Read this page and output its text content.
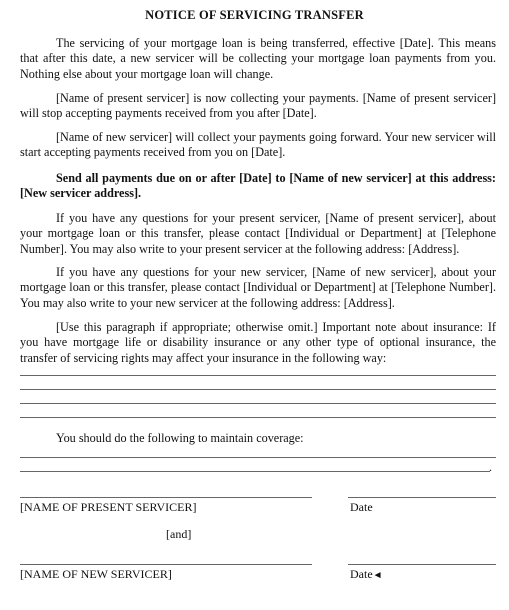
NOTICE OF SERVICING TRANSFER
The servicing of your mortgage loan is being transferred, effective [Date]. This means that after this date, a new servicer will be collecting your mortgage loan payments from you. Nothing else about your mortgage loan will change.
[Name of present servicer] is now collecting your payments. [Name of present servicer] will stop accepting payments received from you after [Date].
[Name of new servicer] will collect your payments going forward. Your new servicer will start accepting payments received from you on [Date].
Send all payments due on or after [Date] to [Name of new servicer] at this address: [New servicer address].
If you have any questions for your present servicer, [Name of present servicer], about your mortgage loan or this transfer, please contact [Individual or Department] at [Telephone Number]. You may also write to your present servicer at the following address: [Address].
If you have any questions for your new servicer, [Name of new servicer], about your mortgage loan or this transfer, please contact [Individual or Department] at [Telephone Number]. You may also write to your new servicer at the following address: [Address].
[Use this paragraph if appropriate; otherwise omit.] Important note about insurance: If you have mortgage life or disability insurance or any other type of optional insurance, the transfer of servicing rights may affect your insurance in the following way:
You should do the following to maintain coverage:
.
[NAME OF PRESENT SERVICER]	Date
[and]
[NAME OF NEW SERVICER]	Date◄
